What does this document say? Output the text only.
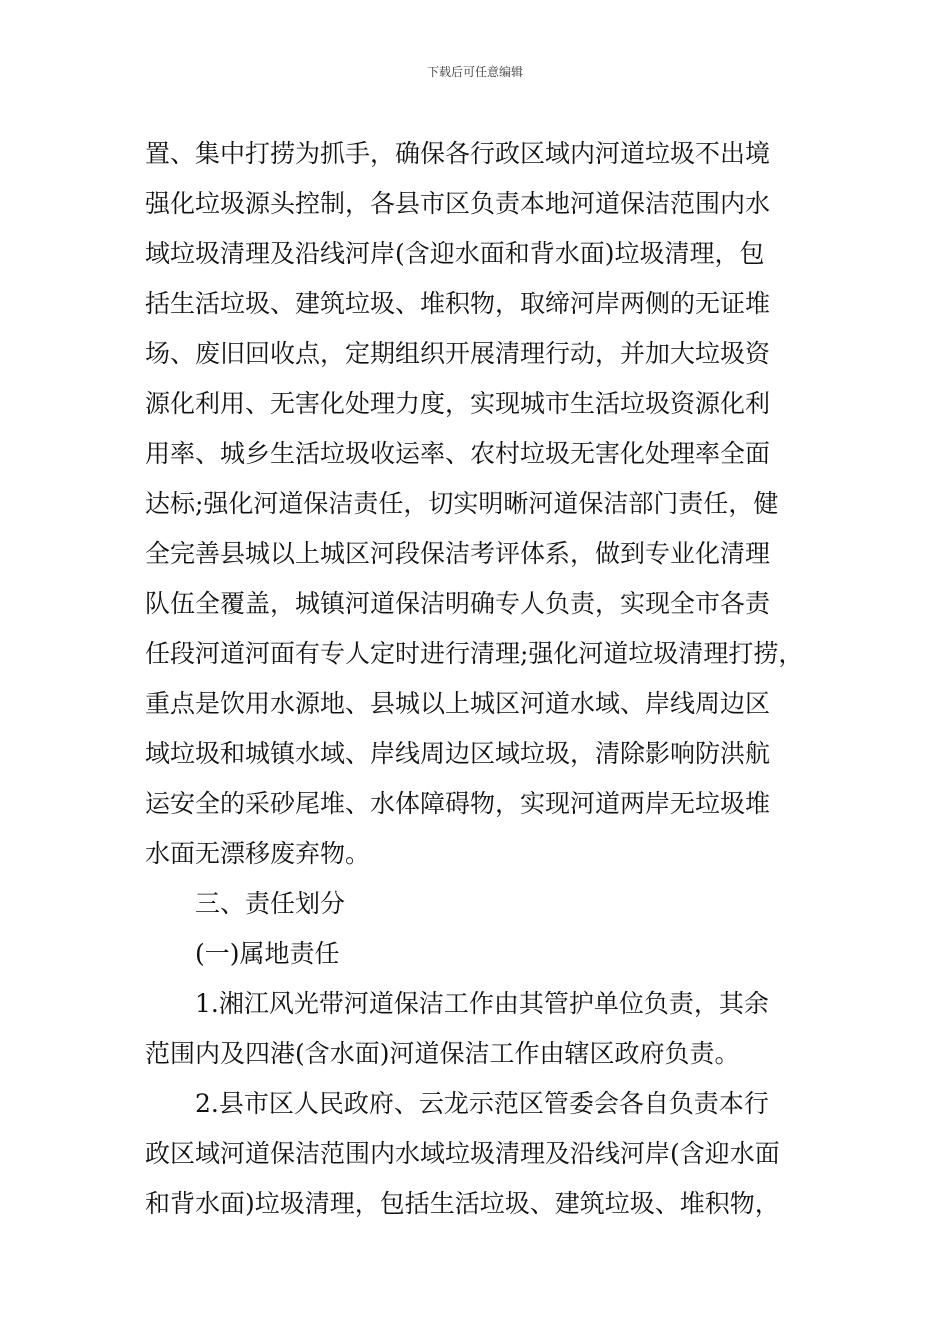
下载后可任意编辑
置、集中打捞为抓手，确保各行政区域内河道垃圾不出境
强化垃圾源头控制，各县市区负责本地河道保洁范围内水
域垃圾清理及沿线河岸(含迎水面和背水面)垃圾清理，包
括生活垃圾、建筑垃圾、堆积物，取缔河岸两侧的无证堆
场、废旧回收点，定期组织开展清理行动，并加大垃圾资
源化利用、无害化处理力度，实现城市生活垃圾资源化利
用率、城乡生活垃圾收运率、农村垃圾无害化处理率全面
达标;强化河道保洁责任，切实明晰河道保洁部门责任，健
全完善县城以上城区河段保洁考评体系，做到专业化清理
队伍全覆盖，城镇河道保洁明确专人负责，实现全市各责
任段河道河面有专人定时进行清理;强化河道垃圾清理打捞，
重点是饮用水源地、县城以上城区河道水域、岸线周边区
域垃圾和城镇水域、岸线周边区域垃圾，清除影响防洪航
运安全的采砂尾堆、水体障碍物，实现河道两岸无垃圾堆
水面无漂移废弃物。
三、责任划分
(一)属地责任
1.湘江风光带河道保洁工作由其管护单位负责，其余
范围内及四港(含水面)河道保洁工作由辖区政府负责。
2.县市区人民政府、云龙示范区管委会各自负责本行
政区域河道保洁范围内水域垃圾清理及沿线河岸(含迎水面
和背水面)垃圾清理，包括生活垃圾、建筑垃圾、堆积物，
